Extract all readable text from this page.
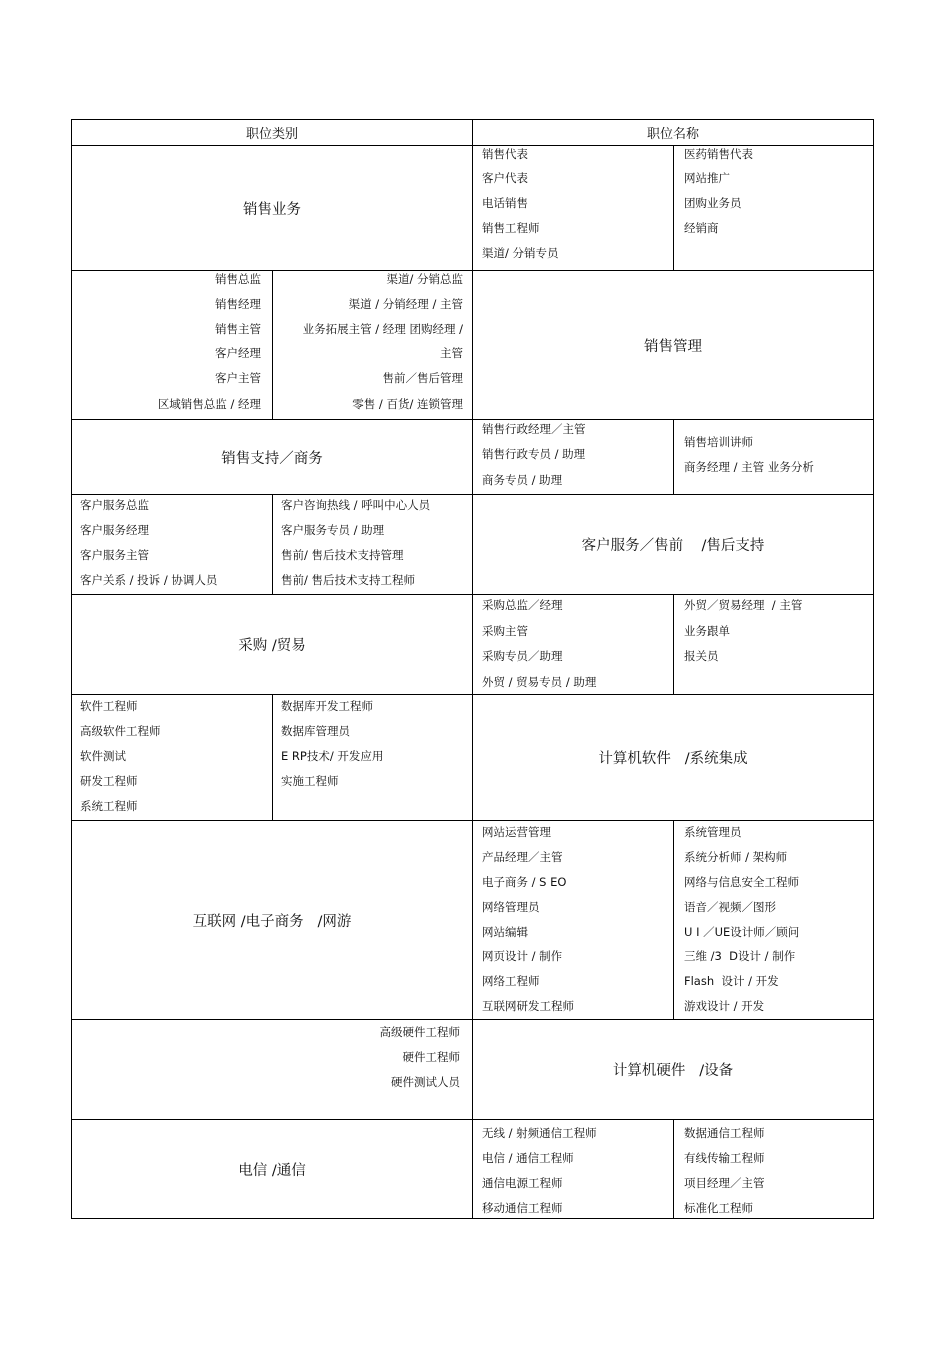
职位类别	职位名称
销售业务
销售代表
客户代表
电话销售
销售工程师
渠道/ 分销专员
医药销售代表
网站推广
团购业务员
经销商
销售总监
销售经理
销售主管
客户经理
客户主管
区域销售总监 / 经理
渠道/ 分销总监
渠道 / 分销经理 / 主管
业务拓展主管 / 经理 团购经理 /
主管
售前／售后管理
零售 / 百货/ 连锁管理
销售管理
销售支持／商务
销售行政经理／主管
销售行政专员 / 助理
商务专员 / 助理
销售培训讲师
商务经理 / 主管 业务分析
客户服务总监
客户服务经理
客户服务主管
客户关系 / 投诉 / 协调人员
客户咨询热线 / 呼叫中心人员
客户服务专员 / 助理
售前/ 售后技术支持管理
售前/ 售后技术支持工程师
客户服务／售前    /售后支持
采购 /贸易
采购总监／经理
采购主管
采购专员／助理
外贸 / 贸易专员 / 助理
外贸／贸易经理  / 主管
业务跟单
报关员
软件工程师
高级软件工程师
软件测试
研发工程师
系统工程师
数据库开发工程师
数据库管理员
E RP技术/ 开发应用
实施工程师
计算机软件   /系统集成
互联网 /电子商务   /网游
网站运营管理
产品经理／主管
电子商务 / S EO
网络管理员
网站编辑
网页设计 / 制作
网络工程师
互联网研发工程师
系统管理员
系统分析师 / 架构师
网络与信息安全工程师
语音／视频／图形
U I ／UE设计师／顾问
三维 /3  D设计 / 制作
Flash  设计 / 开发
游戏设计 / 开发
高级硬件工程师
硬件工程师
硬件测试人员
计算机硬件   /设备
电信 /通信
无线 / 射频通信工程师
电信 / 通信工程师
通信电源工程师
移动通信工程师
数据通信工程师
有线传输工程师
项目经理／主管
标准化工程师
